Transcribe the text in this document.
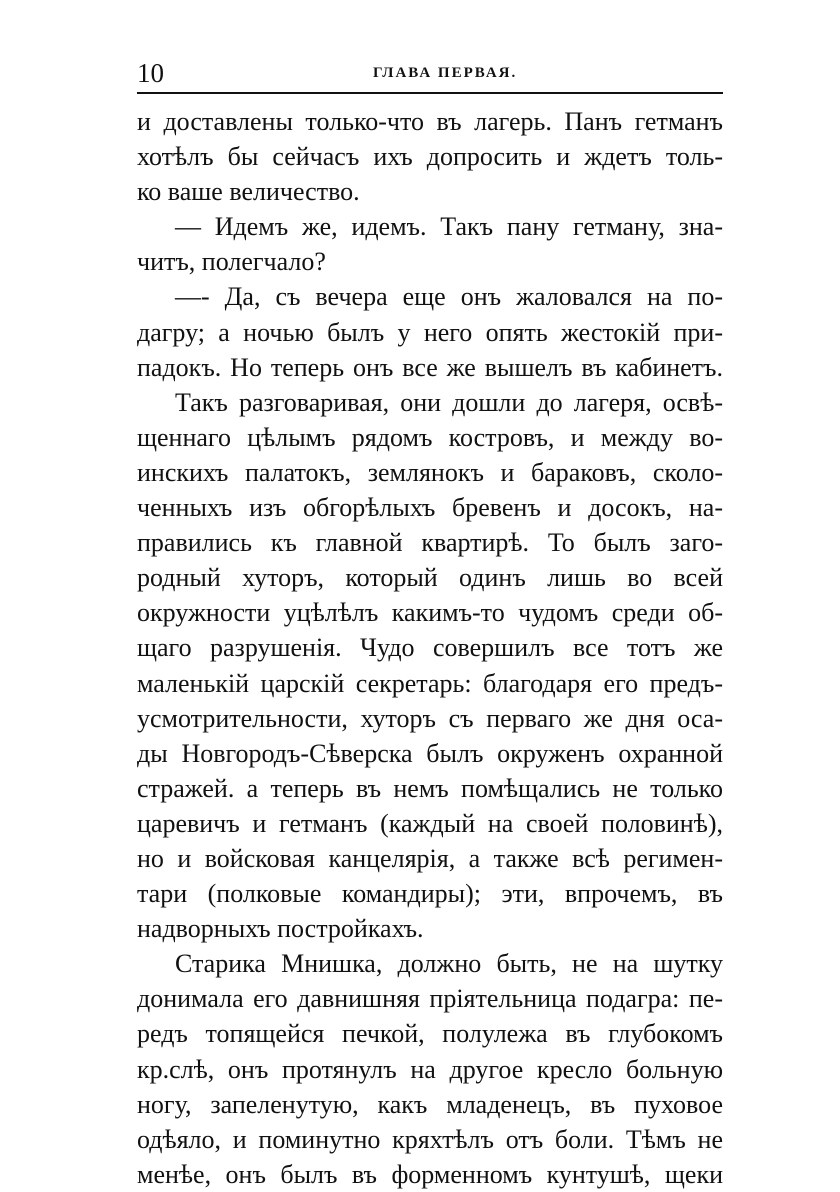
10	ГЛАВА ПЕРВАЯ.
и доставлены только-что въ лагерь. Панъ гетманъ
хотѣлъ бы сейчасъ ихъ допросить и ждетъ толь-
ко ваше величество.
— Идемъ же, идемъ. Такъ пану гетману, зна-
читъ, полегчало?
—- Да, съ вечера еще онъ жаловался на по-
дагру; а ночью былъ у него опять жестокій при-
падокъ. Но теперь онъ все же вышелъ въ кабинетъ.
Такъ разговаривая, они дошли до лагеря, освѣ-
щеннаго цѣлымъ рядомъ костровъ, и между во-
инскихъ палатокъ, землянокъ и бараковъ, сколо-
ченныхъ изъ обгорѣлыхъ бревенъ и досокъ, на-
правились къ главной квартирѣ. То былъ заго-
родный хуторъ, который одинъ лишь во всей
окружности уцѣлѣлъ какимъ-то чудомъ среди об-
щаго разрушенія. Чудо совершилъ все тотъ же
маленькій царскій секретарь: благодаря его предъ-
усмотрительности, хуторъ съ перваго же дня оса-
ды Новгородъ-Сѣверска былъ окруженъ охранной
стражей. а теперь въ немъ помѣщались не только
царевичъ и гетманъ (каждый на своей половинѣ),
но и войсковая канцелярія, а также всѣ регимен-
тари (полковые командиры); эти, впрочемъ, въ
надворныхъ постройкахъ.
Старика Мнишка, должно быть, не на шутку
донимала его давнишняя пріятельница подагра: пе-
редъ топящейся печкой, полулежа въ глубокомъ
кр.слѣ, онъ протянулъ на другое кресло больную
ногу, запеленутую, какъ младенецъ, въ пуховое
одѣяло, и поминутно кряхтѣлъ отъ боли. Тѣмъ не
менѣе, онъ былъ въ форменномъ кунтушѣ, щеки
